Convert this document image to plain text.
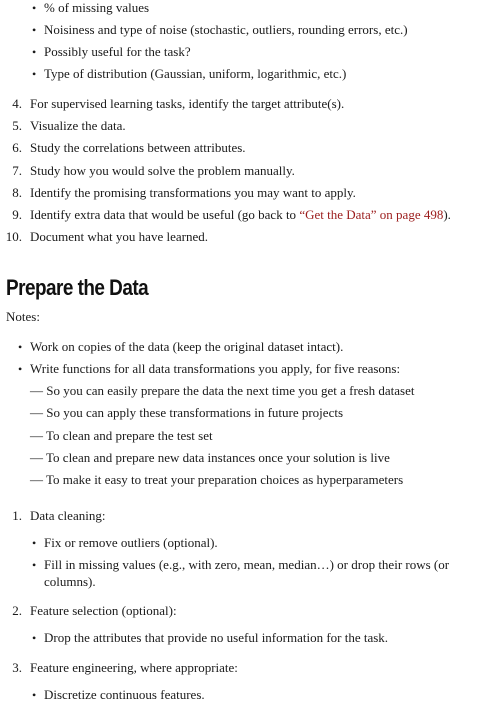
• % of missing values
• Noisiness and type of noise (stochastic, outliers, rounding errors, etc.)
• Possibly useful for the task?
• Type of distribution (Gaussian, uniform, logarithmic, etc.)
4. For supervised learning tasks, identify the target attribute(s).
5. Visualize the data.
6. Study the correlations between attributes.
7. Study how you would solve the problem manually.
8. Identify the promising transformations you may want to apply.
9. Identify extra data that would be useful (go back to “Get the Data” on page 498).
10. Document what you have learned.
Prepare the Data
Notes:
• Work on copies of the data (keep the original dataset intact).
• Write functions for all data transformations you apply, for five reasons:
— So you can easily prepare the data the next time you get a fresh dataset
— So you can apply these transformations in future projects
— To clean and prepare the test set
— To clean and prepare new data instances once your solution is live
— To make it easy to treat your preparation choices as hyperparameters
1. Data cleaning:
• Fix or remove outliers (optional).
• Fill in missing values (e.g., with zero, mean, median…) or drop their rows (or
columns).
2. Feature selection (optional):
• Drop the attributes that provide no useful information for the task.
3. Feature engineering, where appropriate:
• Discretize continuous features.
